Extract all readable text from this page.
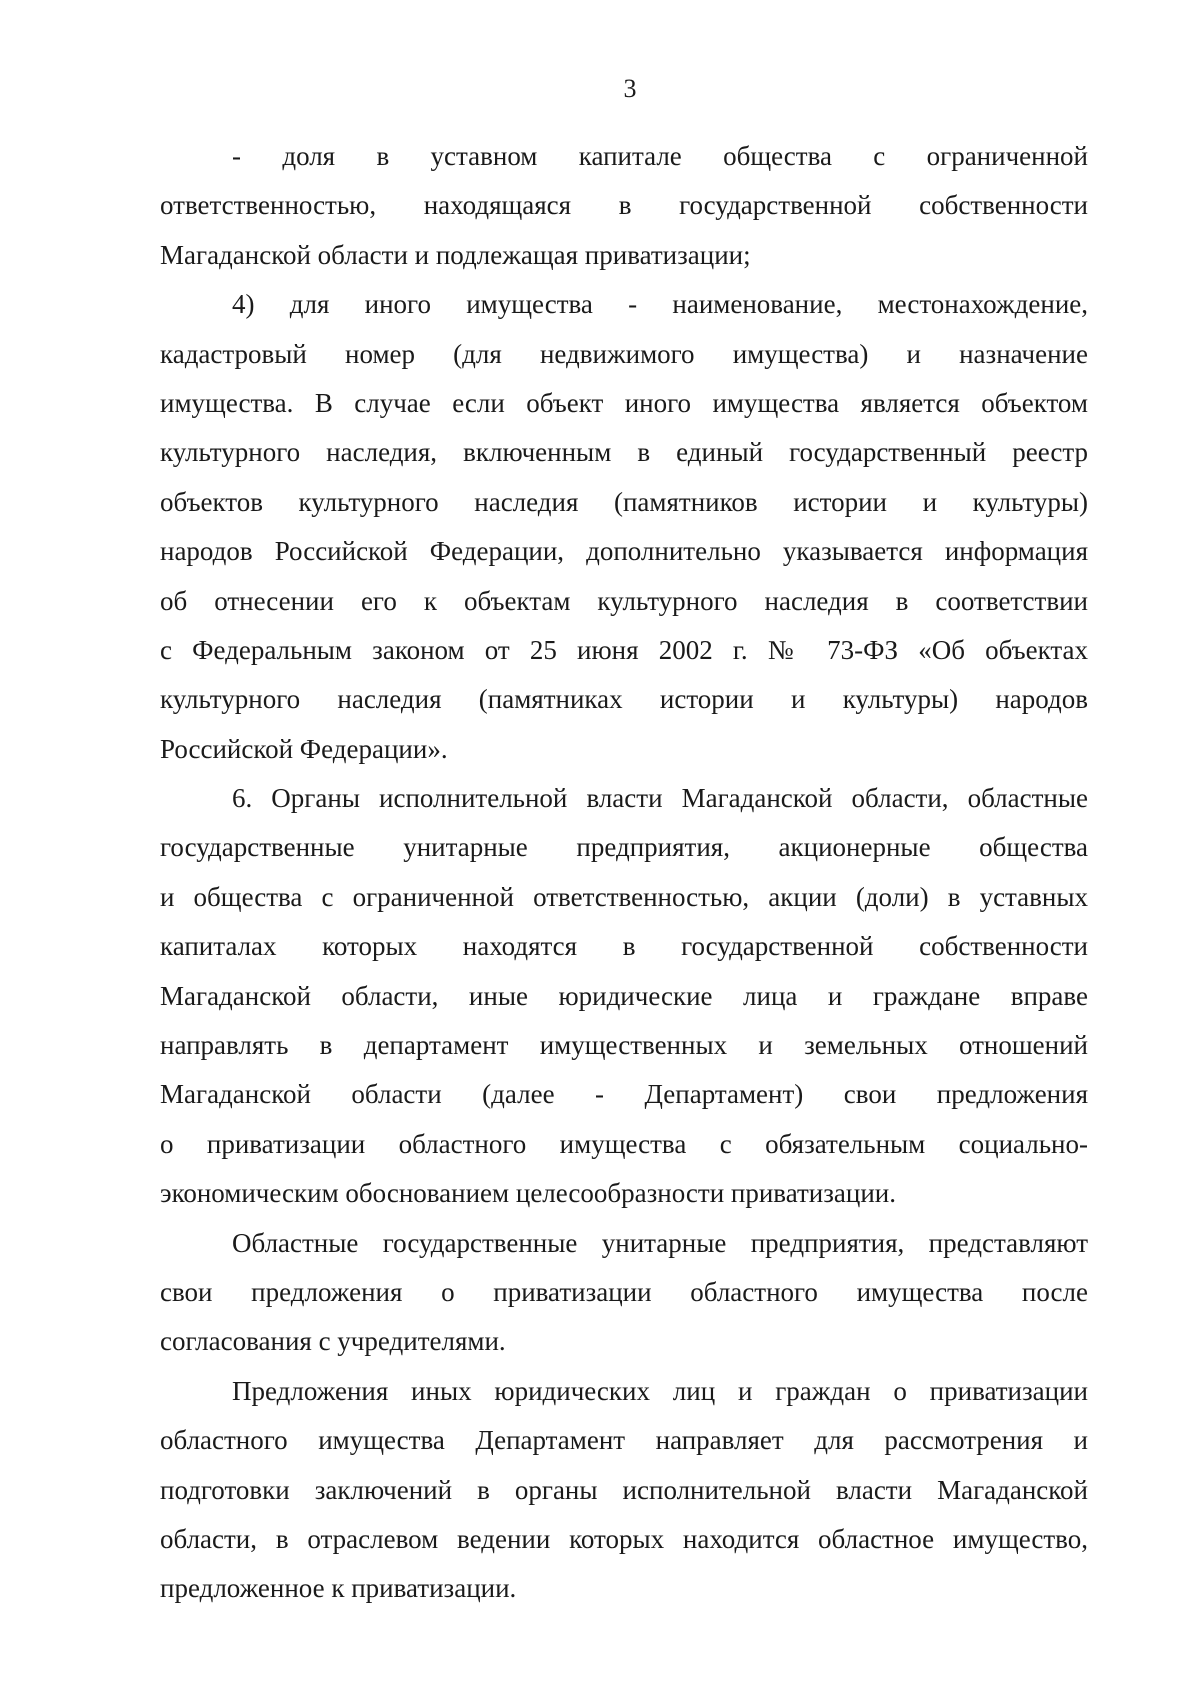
3
- доля в уставном капитале общества с ограниченной
ответственностью, находящаяся в государственной собственности
Магаданской области и подлежащая приватизации;
4) для иного имущества - наименование, местонахождение,
кадастровый номер (для недвижимого имущества) и назначение
имущества. В случае если объект иного имущества является объектом
культурного наследия, включенным в единый государственный реестр
объектов культурного наследия (памятников истории и культуры)
народов Российской Федерации, дополнительно указывается информация
об отнесении его к объектам культурного наследия в соответствии
с Федеральным законом от 25 июня 2002 г. № 73-ФЗ «Об объектах
культурного наследия (памятниках истории и культуры) народов
Российской Федерации».
6. Органы исполнительной власти Магаданской области, областные
государственные унитарные предприятия, акционерные общества
и общества с ограниченной ответственностью, акции (доли) в уставных
капиталах которых находятся в государственной собственности
Магаданской области, иные юридические лица и граждане вправе
направлять в департамент имущественных и земельных отношений
Магаданской области (далее - Департамент) свои предложения
о приватизации областного имущества с обязательным социально-
экономическим обоснованием целесообразности приватизации.
Областные государственные унитарные предприятия, представляют
свои предложения о приватизации областного имущества после
согласования с учредителями.
Предложения иных юридических лиц и граждан о приватизации
областного имущества Департамент направляет для рассмотрения и
подготовки заключений в органы исполнительной власти Магаданской
области, в отраслевом ведении которых находится областное имущество,
предложенное к приватизации.
